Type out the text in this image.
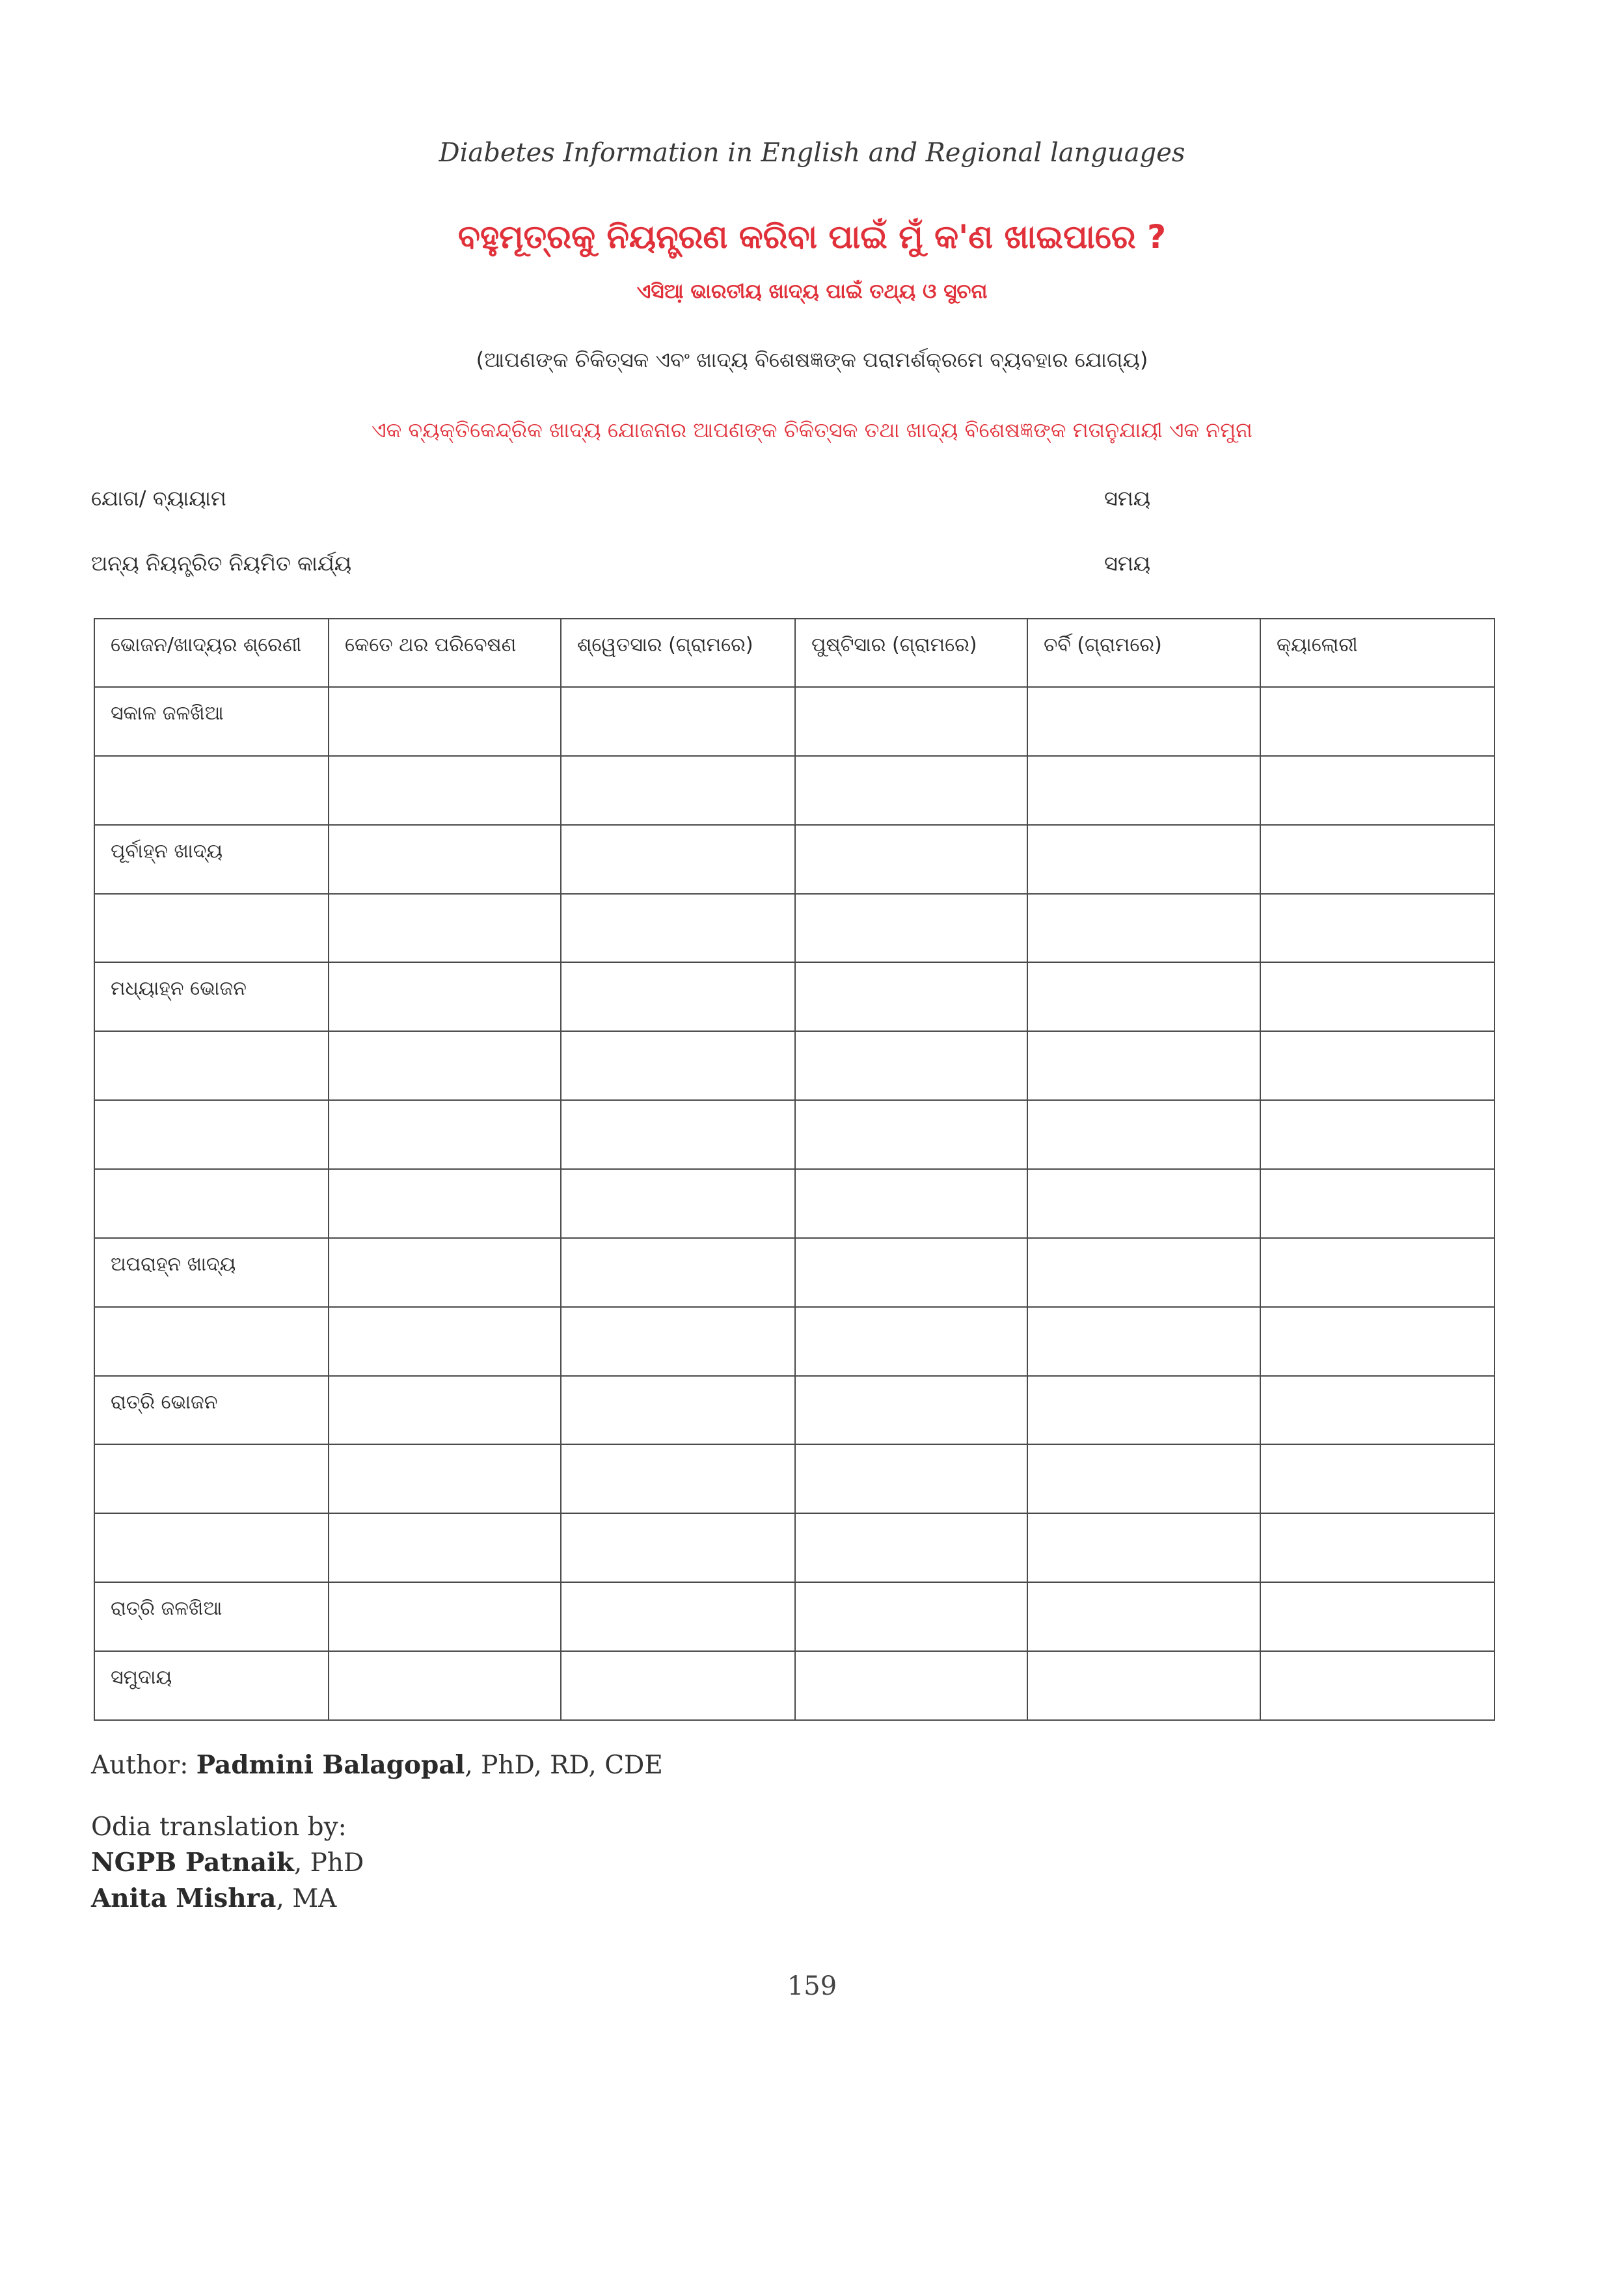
Diabetes Information in English and Regional languages
ବହୁମୂତ୍ରକୁ ନିୟନ୍ତ୍ରଣ କରିବା ପାଇଁ ମୁଁ କ'ଣ ଖାଇପାରେ ?
ଏସିଆ଼ ଭାରତୀୟ ଖାଦ୍ୟ ପାଇଁ ତଥ୍ୟ ଓ ସୁଚନା
(ଆପଣଙ୍କ ଚିକିତ୍ସକ ଏବଂ ଖାଦ୍ୟ ବିଶେଷଜ୍ଞଙ୍କ ପରାମର୍ଶକ୍ରମେ ବ୍ୟବହାର ଯୋଗ୍ୟ)
ଏକ ବ୍ୟକ୍ତିକେନ୍ଦ୍ରିକ ଖାଦ୍ୟ ଯୋଜନାର ଆପଣଙ୍କ ଚିକିତ୍ସକ ତଥା ଖାଦ୍ୟ ବିଶେଷଜ୍ଞଙ୍କ ମତାନୁଯାୟୀ ଏକ ନମୁନା
ଯୋଗ/ ବ୍ୟାୟାମ	ସମୟ
ଅନ୍ୟ ନିୟନ୍ତ୍ରିତ ନିୟମିତ କାର୍ଯ୍ୟ	ସମୟ
ଭୋଜନ/ଖାଦ୍ୟର ଶ୍ରେଣୀ	କେତେ ଥର ପରିବେଷଣ	ଶ୍ୱେତସାର (ଗ୍ରାମରେ)	ପୁଷ୍ଟିସାର (ଗ୍ରାମରେ)	ଚର୍ବି (ଗ୍ରାମରେ)	କ୍ୟାଲୋରୀ
ସକାଳ ଜଳଖିଆ					

ପୂର୍ବାହ୍ନ ଖାଦ୍ୟ					

ମଧ୍ୟାହ୍ନ ଭୋଜନ					

ଅପରାହ୍ନ ଖାଦ୍ୟ					

ରାତ୍ରି ଭୋଜନ					

ରାତ୍ରି ଜଳଖିଆ					
ସମୁଦାୟ					
Author: Padmini Balagopal, PhD, RD, CDE
Odia translation by:
NGPB Patnaik, PhD
Anita Mishra, MA
159
